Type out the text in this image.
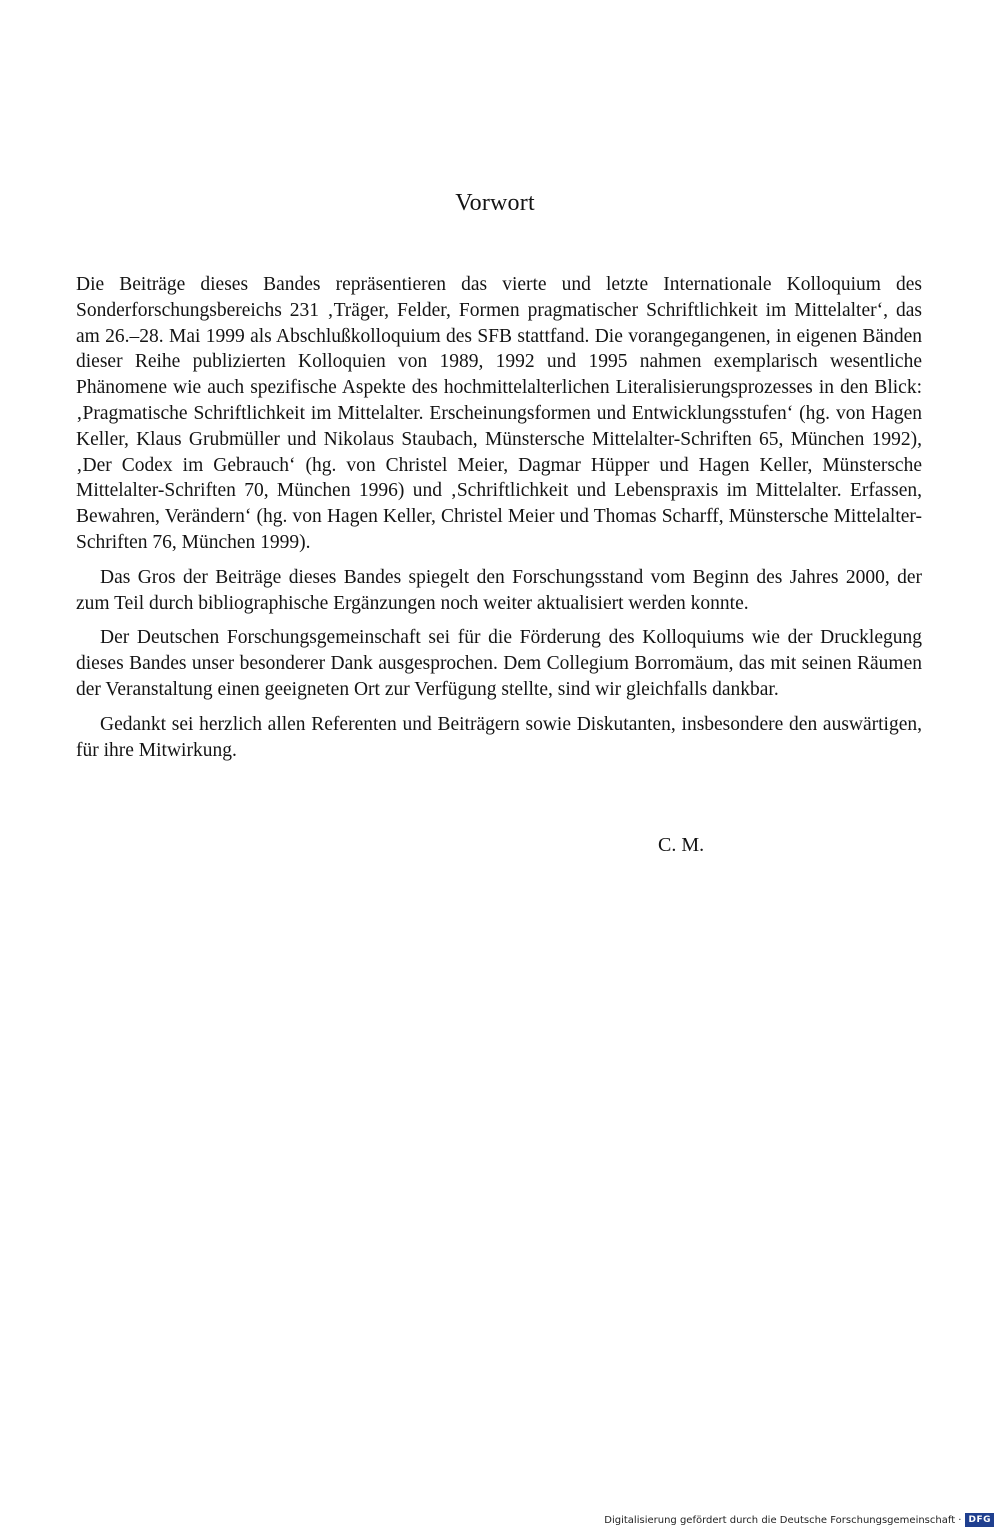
Vorwort

Die Beiträge dieses Bandes repräsentieren das vierte und letzte Internationale Kolloquium des Sonderforschungsbereichs 231 ‚Träger, Felder, Formen pragmatischer Schriftlichkeit im Mittelalter‘, das am 26.–28. Mai 1999 als Abschlußkolloquium des SFB stattfand. Die vorangegangenen, in eigenen Bänden dieser Reihe publizierten Kolloquien von 1989, 1992 und 1995 nahmen exemplarisch wesentliche Phänomene wie auch spezifische Aspekte des hochmittelalterlichen Literalisierungsprozesses in den Blick: ‚Pragmatische Schriftlichkeit im Mittelalter. Erscheinungsformen und Entwicklungsstufen‘ (hg. von Hagen Keller, Klaus Grubmüller und Nikolaus Staubach, Münstersche Mittelalter-Schriften 65, München 1992), ‚Der Codex im Gebrauch‘ (hg. von Christel Meier, Dagmar Hüpper und Hagen Keller, Münstersche Mittelalter-Schriften 70, München 1996) und ‚Schriftlichkeit und Lebenspraxis im Mittelalter. Erfassen, Bewahren, Verändern‘ (hg. von Hagen Keller, Christel Meier und Thomas Scharff, Münstersche Mittelalter-Schriften 76, München 1999).

Das Gros der Beiträge dieses Bandes spiegelt den Forschungsstand vom Beginn des Jahres 2000, der zum Teil durch bibliographische Ergänzungen noch weiter aktualisiert werden konnte.

Der Deutschen Forschungsgemeinschaft sei für die Förderung des Kolloquiums wie der Drucklegung dieses Bandes unser besonderer Dank ausgesprochen. Dem Collegium Borromäum, das mit seinen Räumen der Veranstaltung einen geeigneten Ort zur Verfügung stellte, sind wir gleichfalls dankbar.

Gedankt sei herzlich allen Referenten und Beiträgern sowie Diskutanten, insbesondere den auswärtigen, für ihre Mitwirkung.

C. M.
Digitalisierung gefördert durch die Deutsche Forschungsgemeinschaft · DFG
